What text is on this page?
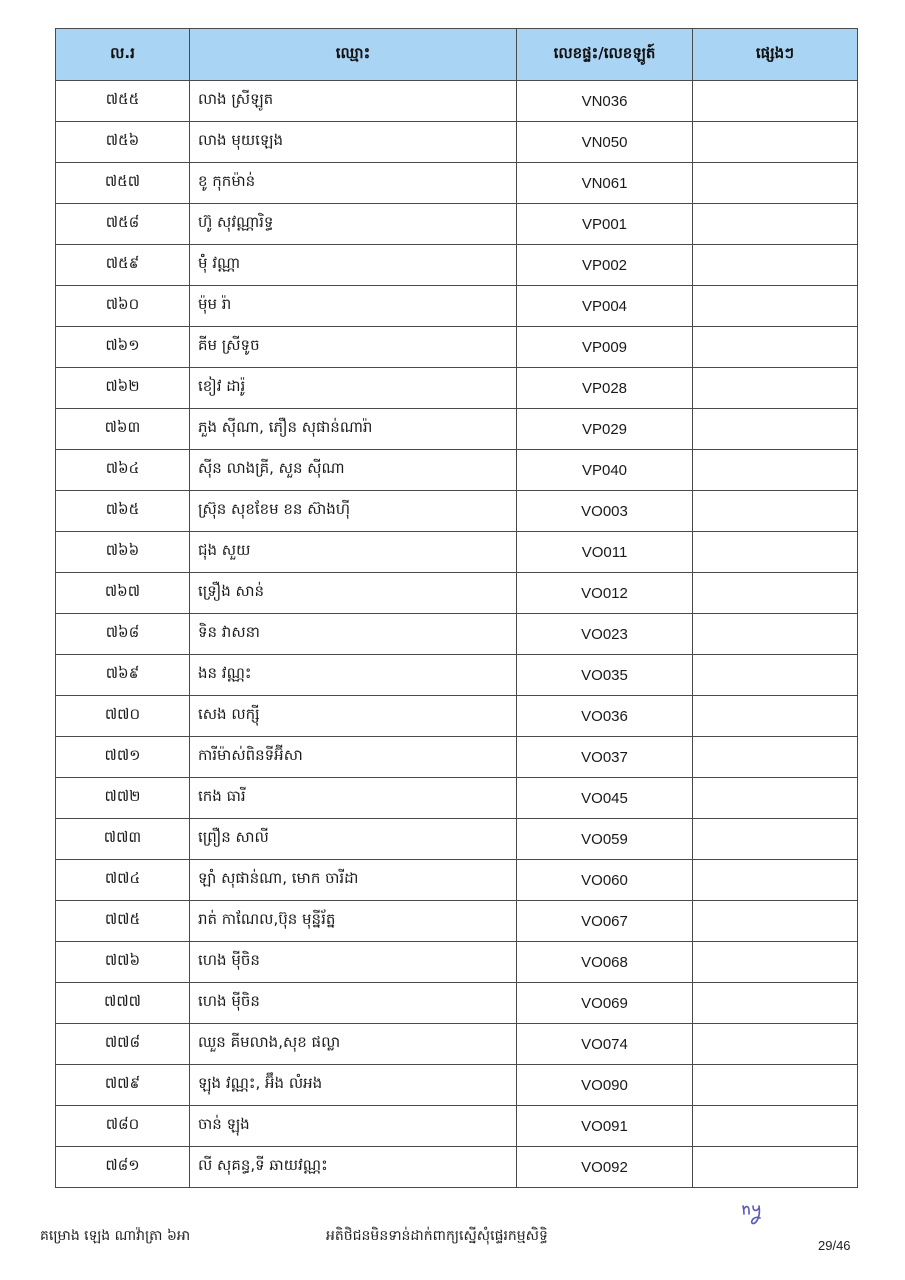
ល.រ	ឈ្មោះ	លេខផ្ទះ/លេខឡូត៍	ផ្សេងៗ
៧៥៥	លាង ស្រីឡូត	VN036	
៧៥៦	លាង មុយឡេង	VN050	
៧៥៧	ខូ កុកម៉ាន់	VN061	
៧៥៨	ហ៊ូ សុវណ្ណារិទ្ធ	VP001	
៧៥៩	ម៉ុំ វណ្ណា	VP002	
៧៦០	ម៉ុម រ៉ា	VP004	
៧៦១	គីម ស្រីទូច	VP009	
៧៦២	ខៀវ ដារ៉ូ	VP028	
៧៦៣	ភួង ស៊ីណា, ភឿន សុផាន់ណារ៉ា	VP029	
៧៦៤	ស៊ីន លាងគ្រី, សួន ស៊ីណា	VP040	
៧៦៥	ស្រ៊ុន សុខខែម ខន ស៊ាងហ៊ី	VO003	
៧៦៦	ជុង សួយ	VO011	
៧៦៧	ទ្រឿង សាន់	VO012	
៧៦៨	ទិន វាសនា	VO023	
៧៦៩	ងន វណ្ណះ	VO035	
៧៧០	សេង លក្ស៊ី	VO036	
៧៧១	ការីម៉ាស់ពិនទីអ៊ីសា	VO037	
៧៧២	កេង ធារី	VO045	
៧៧៣	ព្រឿន សាលី	VO059	
៧៧៤	ឡាំ សុផាន់ណា, មោក ចារីដា	VO060	
៧៧៥	រាត់ កាណែល,ប៊ុន មុន្នីរ័ត្ន	VO067	
៧៧៦	ហេង ម៉ីចិន	VO068	
៧៧៧	ហេង ម៉ីចិន	VO069	
៧៧៨	ឈួន គីមលាង,សុខ ផល្លា	VO074	
៧៧៩	ឡុង វណ្ណះ, អ៊ឹង លំអង	VO090	
៧៨០	ចាន់ ឡុង	VO091	
៧៨១	លី សុគន្ធ,ទី ឆាយវណ្ណះ	VO092	
គម្រោង ឡេង ណាវ៉ាត្រា ៦អា	អតិថិជនមិនទាន់ដាក់ពាក្យស្នើសុំផ្ទេរកម្មសិទ្ធិ
29/46
